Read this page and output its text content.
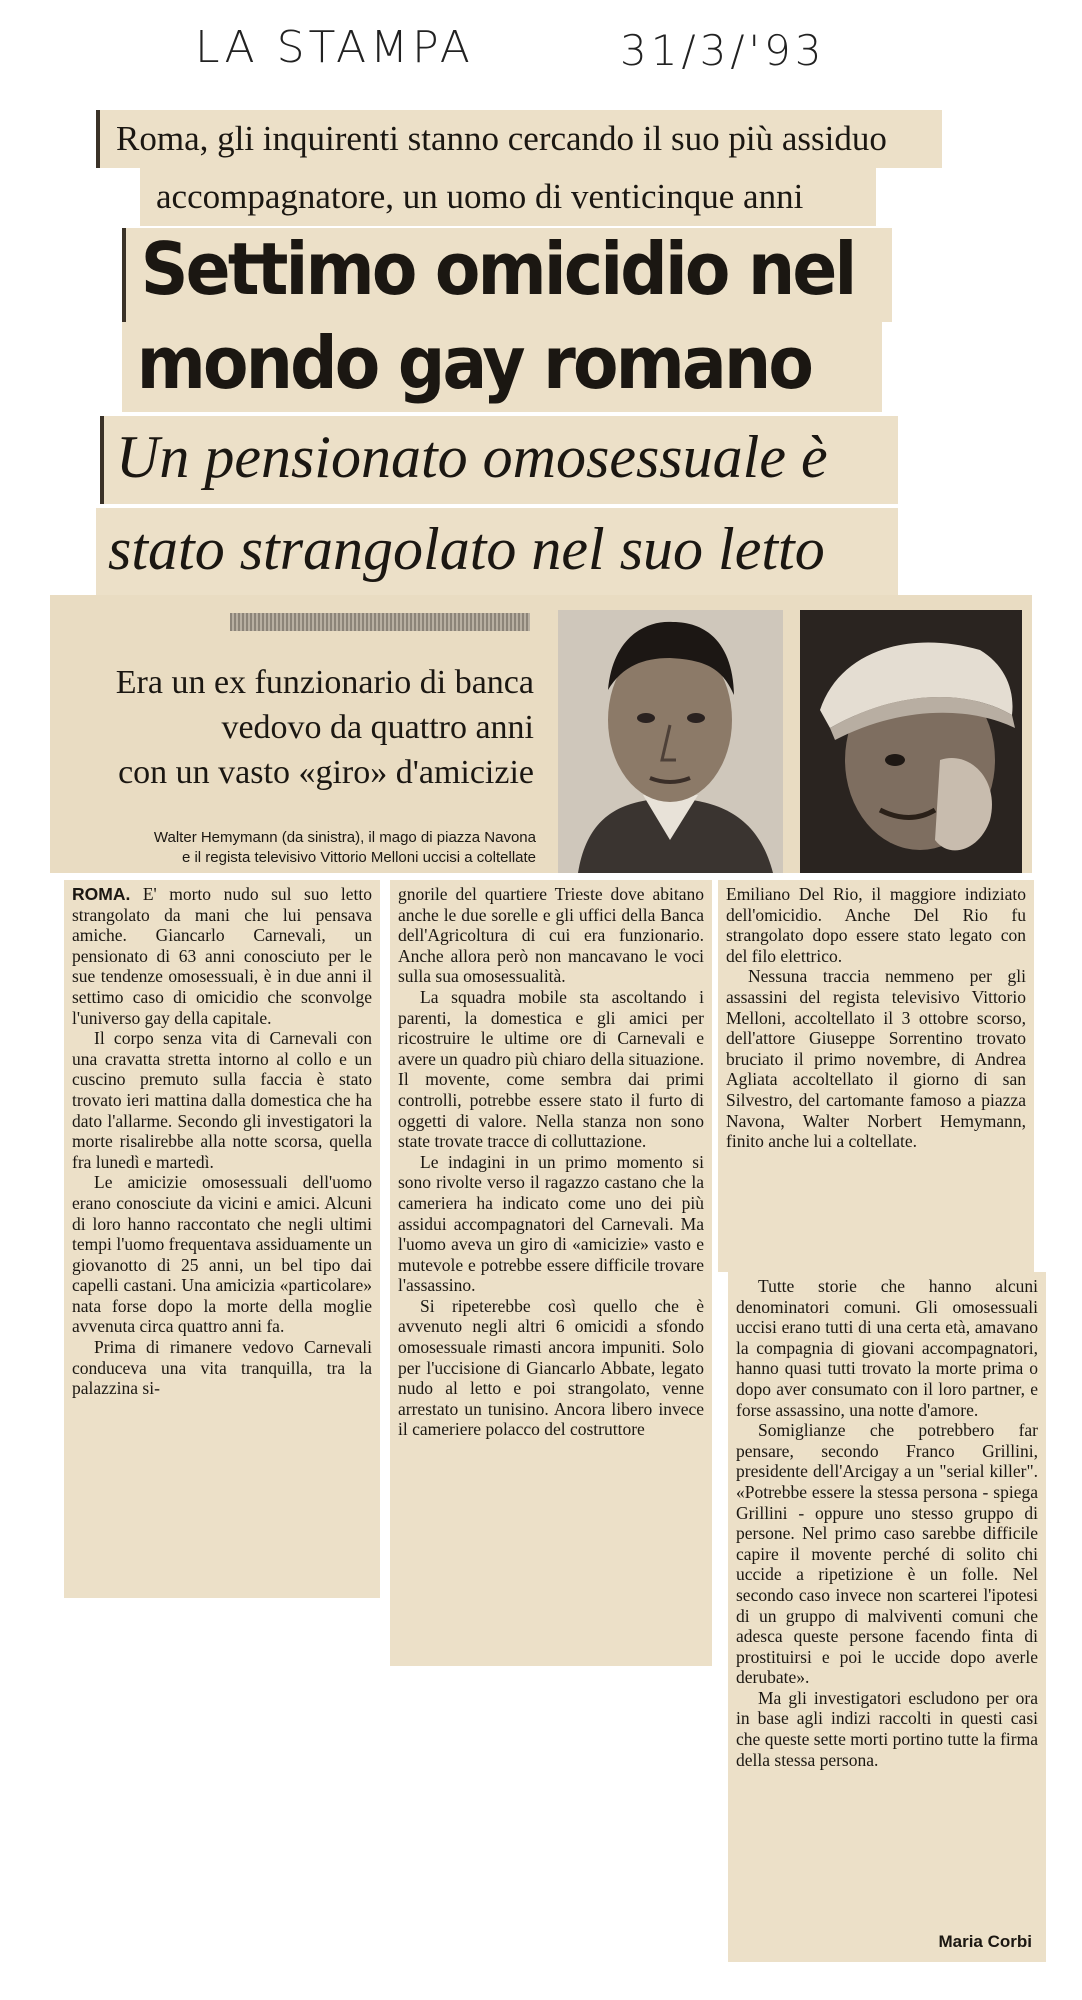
LA STAMPA	31/3/'93
Roma, gli inquirenti stanno cercando il suo più assiduo
accompagnatore, un uomo di venticinque anni
Settimo omicidio nel
mondo gay romano
Un pensionato omosessuale è
stato strangolato nel suo letto
Era un ex funzionario di banca
vedovo da quattro anni
con un vasto «giro» d'amicizie
Walter Hemymann (da sinistra), il mago di piazza Navona
e il regista televisivo Vittorio Melloni uccisi a coltellate

ROMA. E' morto nudo sul suo letto strangolato da mani che lui pensava amiche. Giancarlo Carnevali, un pensionato di 63 anni conosciuto per le sue tendenze omosessuali, è in due anni il settimo caso di omicidio che sconvolge l'universo gay della capitale.

Il corpo senza vita di Carnevali con una cravatta stretta intorno al collo e un cuscino premuto sulla faccia è stato trovato ieri mattina dalla domestica che ha dato l'allarme. Secondo gli investigatori la morte risalirebbe alla notte scorsa, quella fra lunedì e martedì.

Le amicizie omosessuali dell'uomo erano conosciute da vicini e amici. Alcuni di loro hanno raccontato che negli ultimi tempi l'uomo frequentava assiduamente un giovanotto di 25 anni, un bel tipo dai capelli castani. Una amicizia «particolare» nata forse dopo la morte della moglie avvenuta circa quattro anni fa.

Prima di rimanere vedovo Carnevali conduceva una vita tranquilla, tra la palazzina si-

gnorile del quartiere Trieste dove abitano anche le due sorelle e gli uffici della Banca dell'Agricoltura di cui era funzionario. Anche allora però non mancavano le voci sulla sua omosessualità.

La squadra mobile sta ascoltando i parenti, la domestica e gli amici per ricostruire le ultime ore di Carnevali e avere un quadro più chiaro della situazione. Il movente, come sembra dai primi controlli, potrebbe essere stato il furto di oggetti di valore. Nella stanza non sono state trovate tracce di colluttazione.

Le indagini in un primo momento si sono rivolte verso il ragazzo castano che la cameriera ha indicato come uno dei più assidui accompagnatori del Carnevali. Ma l'uomo aveva un giro di «amicizie» vasto e mutevole e potrebbe essere difficile trovare l'assassino.

Si ripeterebbe così quello che è avvenuto negli altri 6 omicidi a sfondo omosessuale rimasti ancora impuniti. Solo per l'uccisione di Giancarlo Abbate, legato nudo al letto e poi strangolato, venne arrestato un tunisino. Ancora libero invece il cameriere polacco del costruttore

Emiliano Del Rio, il maggiore indiziato dell'omicidio. Anche Del Rio fu strangolato dopo essere stato legato con del filo elettrico.

Nessuna traccia nemmeno per gli assassini del regista televisivo Vittorio Melloni, accoltellato il 3 ottobre scorso, dell'attore Giuseppe Sorrentino trovato bruciato il primo novembre, di Andrea Agliata accoltellato il giorno di san Silvestro, del cartomante famoso a piazza Navona, Walter Norbert Hemymann, finito anche lui a coltellate.

Tutte storie che hanno alcuni denominatori comuni. Gli omosessuali uccisi erano tutti di una certa età, amavano la compagnia di giovani accompagnatori, hanno quasi tutti trovato la morte prima o dopo aver consumato con il loro partner, e forse assassino, una notte d'amore.

Somiglianze che potrebbero far pensare, secondo Franco Grillini, presidente dell'Arcigay a un "serial killer". «Potrebbe essere la stessa persona - spiega Grillini - oppure uno stesso gruppo di persone. Nel primo caso sarebbe difficile capire il movente perché di solito chi uccide a ripetizione è un folle. Nel secondo caso invece non scarterei l'ipotesi di un gruppo di malviventi comuni che adesca queste persone facendo finta di prostituirsi e poi le uccide dopo averle derubate».

Ma gli investigatori escludono per ora in base agli indizi raccolti in questi casi che queste sette morti portino tutte la firma della stessa persona.

Maria Corbi
